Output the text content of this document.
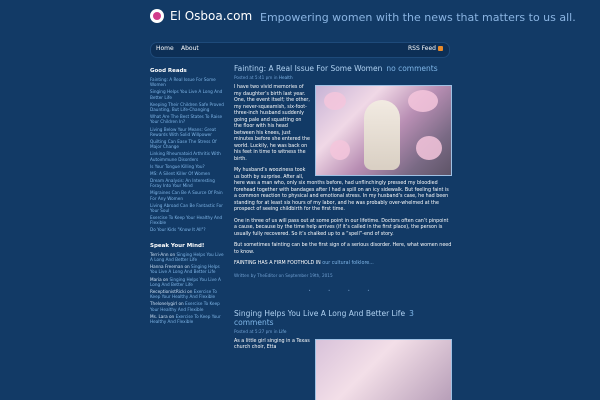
El Osboa.com Empowering women with the news that matters to us all.
Home About	RSS Feed
Good Reads
Fainting: A Real Issue For Some Women
Singing Helps You Live A Long And Better Life
Keeping Their Children Safe Proved Daunting, But Life-Changing
What Are The Best States To Raise Your Children In?
Living Below Your Means: Great Rewards With Solid Willpower
Quilting Can Ease The Stress Of Major Change
Linking Rheumatoid Arthritis With Autoimmune Disorders
Is Your Tongue Killing You?
MS: A Silent Killer Of Women
Dream Analysis: An Interesting Foray Into Your Mind
Migraines Can Be A Source Of Pain For Any Women
Living Abroad Can Be Fantastic For Your Soul
Exercise To Keep Your Healthy And Flexible
Do Your Kids "Know It All"?
Speak Your Mind!
Terri-Ann on Singing Helps You Live A Long And Better Life
Hanna Freeman on Singing Helps You Live A Long And Better Life
Maria on Singing Helps You Live A Long And Better Life
ReceptionistRicki on Exercise To Keep Your Healthy And Flexible
Thelonelygirl on Exercise To Keep Your Healthy And Flexible
Ms. Lara on Exercise To Keep Your Healthy And Flexible
Fainting: A Real Issue For Some Women no comments
Posted at 5:41 pm in Health

I have two vivid memories of my daughter’s birth last year. One, the event itself; the other, my never-squeamish, six-foot-three-inch husband suddenly going pale and squatting on the floor with his head between his knees, just minutes before she entered the world. Luckily, he was back on his feet in time to witness the birth.

My husband’s wooziness took us both by surprise. After all, here was a man who, only six months before, had unflinchingly pressed my bloodied forehead together with bandages after I had a spill on an icy sidewalk. But feeling faint is a common reaction to physical and emotional stress. In my husband’s case, he had been standing for at least six hours of my labor, and he was probably over-whelmed at the prospect of seeing childbirth for the first time.

One in three of us will pass out at some point in our lifetime. Doctors often can’t pinpoint a cause, because by the time help arrives (if it’s called in the first place), the person is usually fully recovered. So it’s chalked up to a “spell”-end of story.

But sometimes fainting can be the first sign of a serious disorder. Here, what women need to know.

FAINTING HAS A FIRM FOOTHOLD IN our cultural folklore...

Written by TheEditor on September 19th, 2015
• • • •
Singing Helps You Live A Long And Better Life 3 comments
Posted at 5:27 pm in Life

As a little girl singing in a Texas church choir, Etta
